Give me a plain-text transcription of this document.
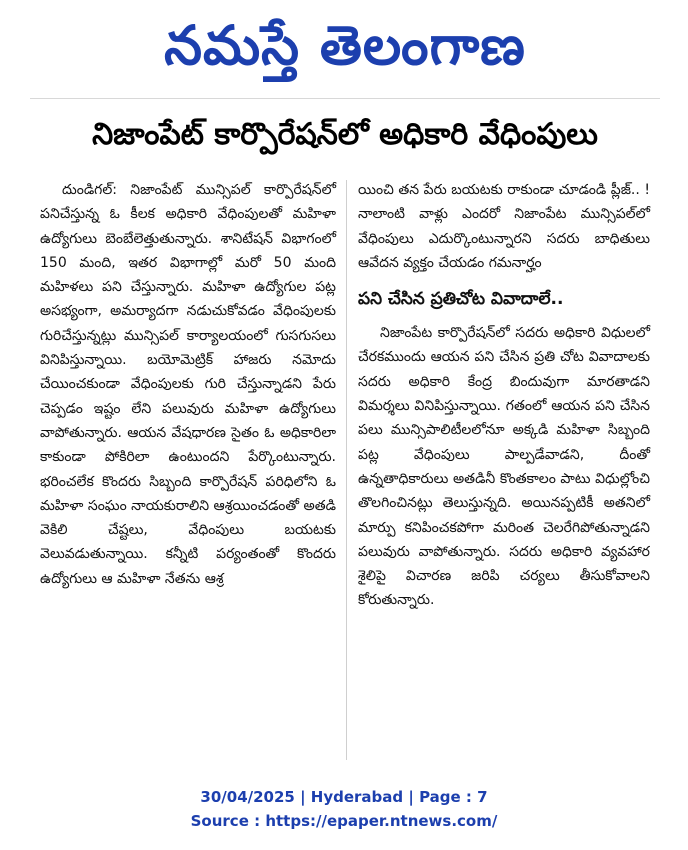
నమస్తే తెలంగాణ
నిజాంపేట్ కార్పొరేషన్‌లో అధికారి వేధింపులు

దుండిగల్: నిజాంపేట్ మున్సిపల్ కార్పొరేషన్‌లో పనిచేస్తున్న ఓ కీలక అధికారి వేధింపులతో మహిళా ఉద్యోగులు బెంబేలెత్తుతున్నారు. శానిటేషన్ విభాగంలో 150 మంది, ఇతర విభాగాల్లో మరో 50 మంది మహిళలు పని చేస్తున్నారు. మహిళా ఉద్యోగుల పట్ల అసభ్యంగా, అమర్యాదగా నడుచుకోవడం వేధింపులకు గురిచేస్తున్నట్లు మున్సిపల్ కార్యాలయంలో గుసగుసలు వినిపిస్తున్నాయి. బయోమెట్రిక్ హాజరు నమోదు చేయించకుండా వేధింపులకు గురి చేస్తున్నాడని పేరు చెప్పడం ఇష్టం లేని పలువురు మహిళా ఉద్యోగులు వాపోతున్నారు. ఆయన వేషధారణ సైతం ఓ అధికారిలా కాకుండా పోకిరిలా ఉంటుందని పేర్కొంటున్నారు. భరించలేక కొందరు సిబ్బంది కార్పొరేషన్ పరిధిలోని ఓ మహిళా సంఘం నాయకురాలిని ఆశ్రయించడంతో అతడి వెకిలి చేష్టలు, వేధింపులు బయటకు వెలువడుతున్నాయి. కన్నీటి పర్యంతంతో కొందరు ఉద్యోగులు ఆ మహిళా నేతను ఆశ్ర

యించి తన పేరు బయటకు రాకుండా చూడండి ప్లీజ్.. ! నాలాంటి వాళ్లు ఎందరో నిజాంపేట మున్సిపల్‌లో వేధింపులు ఎదుర్కొంటున్నారని సదరు బాధితులు ఆవేదన వ్యక్తం చేయడం గమనార్హం

పని చేసిన ప్రతిచోట వివాదాలే..

నిజాంపేట కార్పొరేషన్‌లో సదరు అధికారి విధులలో చేరకముందు ఆయన పని చేసిన ప్రతి చోట వివాదాలకు సదరు అధికారి కేంద్ర బిందువుగా మారతాడని విమర్శలు వినిపిస్తున్నాయి. గతంలో ఆయన పని చేసిన పలు మున్సిపాలిటీలలోనూ అక్కడి మహిళా సిబ్బంది పట్ల వేధింపులు పాల్పడేవాడని, దీంతో ఉన్నతాధికారులు అతడినీ కొంతకాలం పాటు విధుల్లోంచి తొలగించినట్లు తెలుస్తున్నది. అయినప్పటికీ అతనిలో మార్పు కనిపించకపోగా మరింత చెలరేగిపోతున్నాడని పలువురు వాపోతున్నారు. సదరు అధికారి వ్యవహార శైలిపై విచారణ జరిపి చర్యలు తీసుకోవాలని కోరుతున్నారు.

30/04/2025 | Hyderabad | Page : 7
Source : https://epaper.ntnews.com/
